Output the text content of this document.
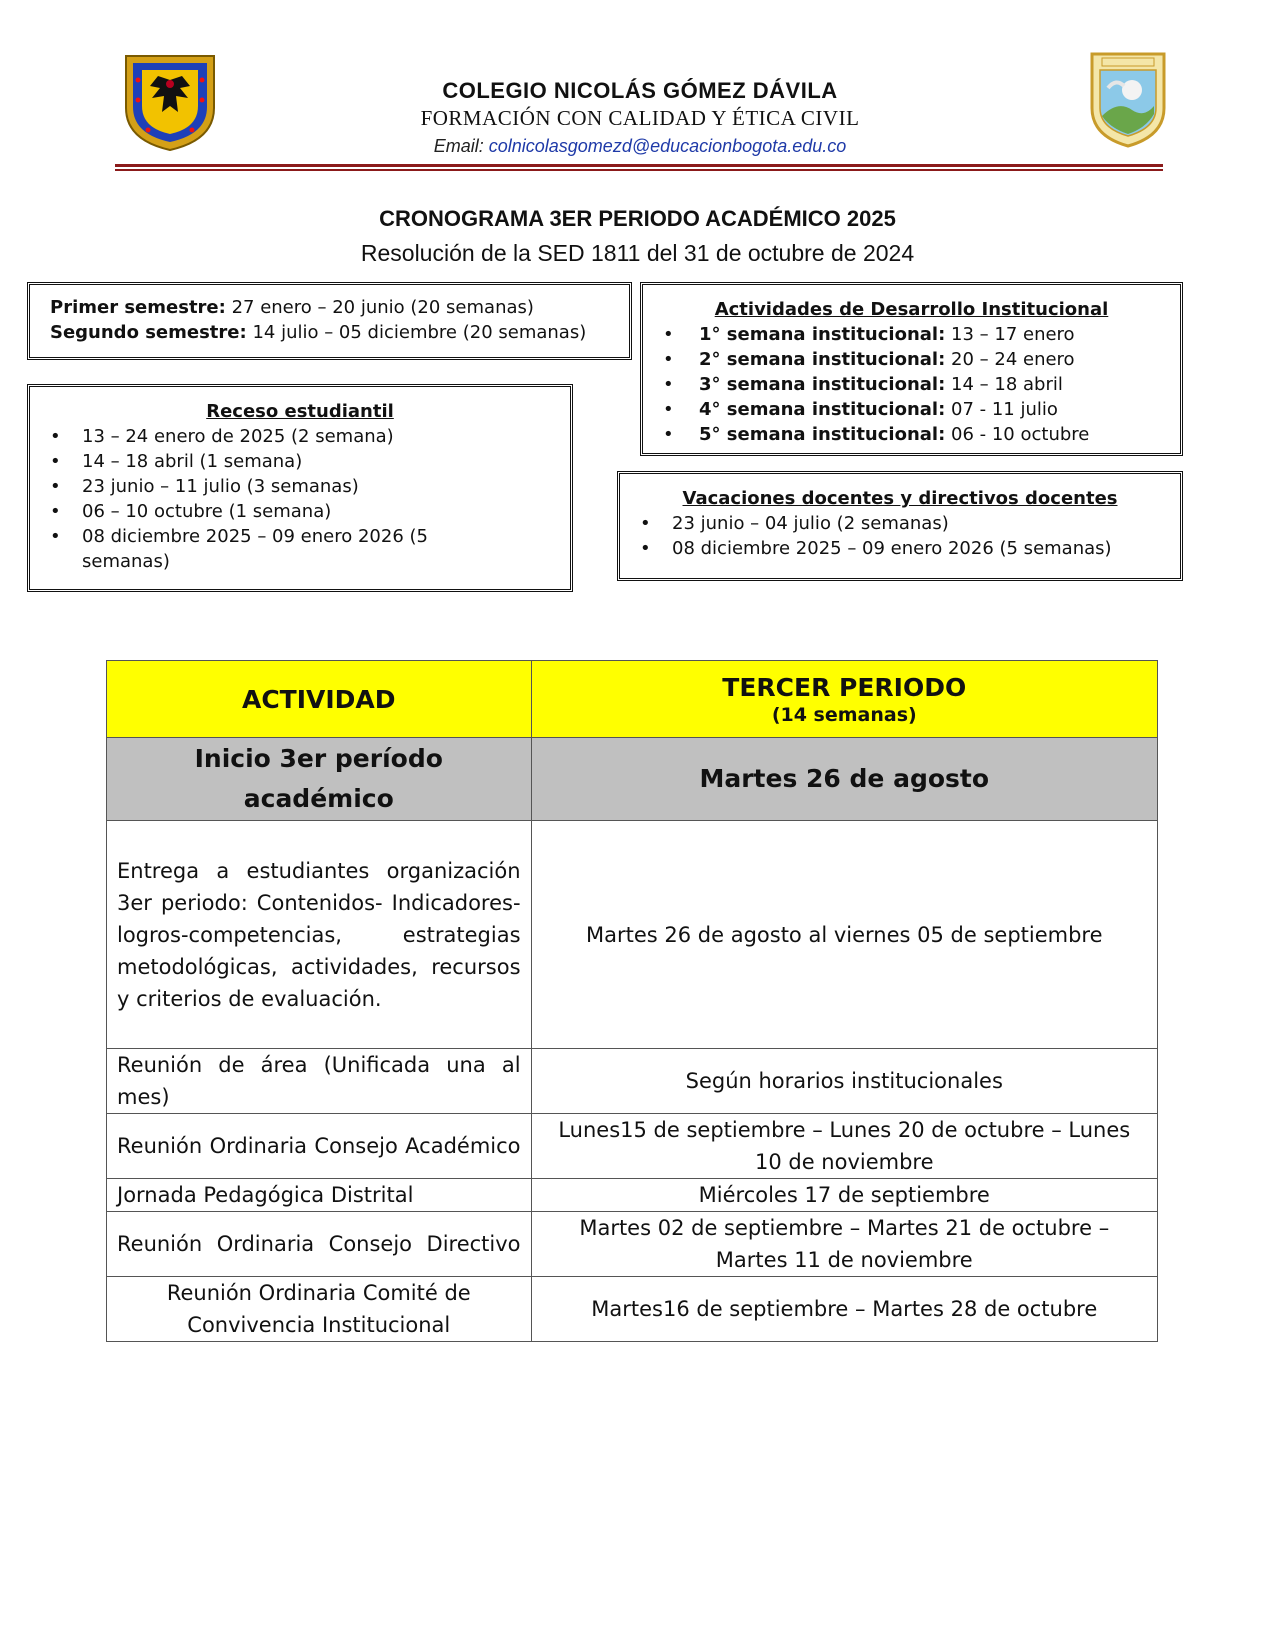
COLEGIO NICOLÁS GÓMEZ DÁVILA
FORMACIÓN CON CALIDAD Y ÉTICA CIVIL
Email: colnicolasgomezd@educacionbogota.edu.co
CRONOGRAMA 3ER PERIODO ACADÉMICO 2025
Resolución de la SED 1811 del 31 de octubre de 2024
Primer semestre: 27 enero – 20 junio (20 semanas)
Segundo semestre: 14 julio – 05 diciembre (20 semanas)
Actividades de Desarrollo Institucional
• 1° semana institucional: 13 – 17 enero
• 2° semana institucional: 20 – 24 enero
• 3° semana institucional: 14 – 18 abril
• 4° semana institucional: 07 - 11 julio
• 5° semana institucional: 06 - 10 octubre
Receso estudiantil
• 13 – 24 enero de 2025 (2 semana)
• 14 – 18 abril (1 semana)
• 23 junio – 11 julio (3 semanas)
• 06 – 10 octubre (1 semana)
• 08 diciembre 2025 – 09 enero 2026 (5 semanas)
Vacaciones docentes y directivos docentes
• 23 junio – 04 julio (2 semanas)
• 08 diciembre 2025 – 09 enero 2026 (5 semanas)
ACTIVIDAD	TERCER PERIODO
(14 semanas)

Inicio 3er período académico	Martes 26 de agosto
Entrega a estudiantes organización 3er periodo: Contenidos- Indicadores-logros-competencias, estrategias metodológicas, actividades, recursos y criterios de evaluación.	Martes 26 de agosto al viernes 05 de septiembre
Reunión de área (Unificada una al mes)	Según horarios institucionales
Reunión Ordinaria Consejo Académico	Lunes15 de septiembre – Lunes 20 de octubre – Lunes 10 de noviembre
Jornada Pedagógica Distrital	Miércoles 17 de septiembre
Reunión Ordinaria Consejo Directivo	Martes 02 de septiembre – Martes 21 de octubre – Martes 11 de noviembre
Reunión Ordinaria Comité de Convivencia Institucional	Martes16 de septiembre – Martes 28 de octubre
